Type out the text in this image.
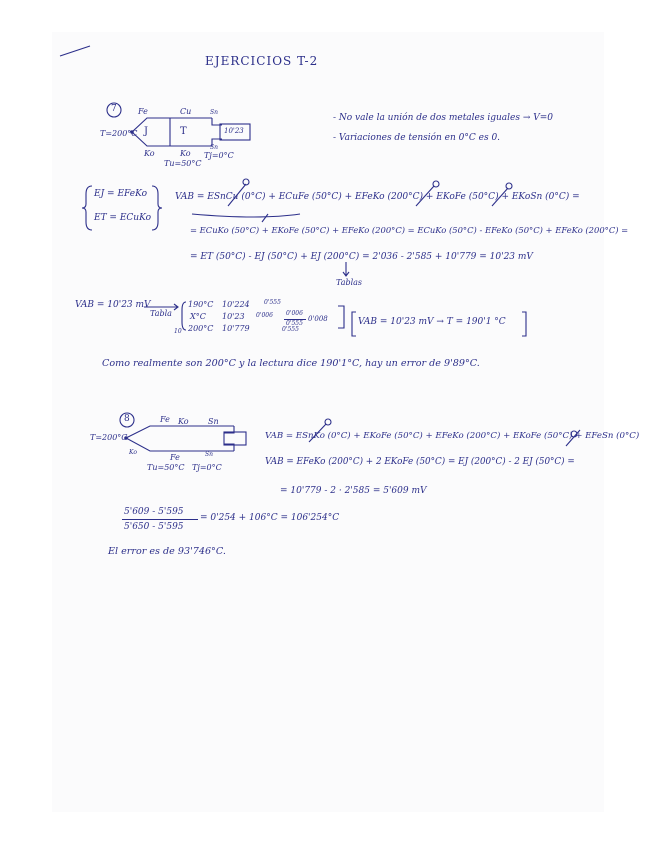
EJERCICIOS T-2
7	Fe	Cu	Sn
Sn
Ko	Ko
J	T	10'23
T=200°C
Tu=50°C
Tj=0°C
- No vale la unión de dos metales iguales → V=0
- Variaciones de tensión en 0°C es 0.
EJ = EFeKo
ET = ECuKo
VAB = ESnCu (0°C) + ECuFe (50°C) + EFeKo (200°C) + EKoFe (50°C) + EKoSn (0°C) =
= ECuKo (50°C) + EKoFe (50°C) + EFeKo (200°C) = ECuKo (50°C) - EFeKo (50°C) + EFeKo (200°C) =
= ET (50°C) - EJ (50°C) + EJ (200°C) = 2'036 - 2'585 + 10'779 = 10'23 mV
Tablas
VAB = 10'23 mV
Tabla
190°C 10'224 0'555
X°C 10'23 0'006
200°C 10'779	0'555
10
0'006
0'555
0'008	VAB = 10'23 mV → T = 190'1 °C
Como realmente son 200°C y la lectura dice 190'1°C, hay un error de 9'89°C.
8	Fe Ko Sn
Ko
Fe	Sn
T=200°C
Tu=50°C Tj=0°C
VAB = ESnKo (0°C) + EKoFe (50°C) + EFeKo (200°C) + EKoFe (50°C) + EFeSn (0°C)
VAB = EFeKo (200°C) + 2 EKoFe (50°C) = EJ (200°C) - 2 EJ (50°C) =
= 10'779 - 2 · 2'585 = 5'609 mV
5'609 - 5'595
5'650 - 5'595
= 0'254 + 106°C = 106'254°C
El error es de 93'746°C.
